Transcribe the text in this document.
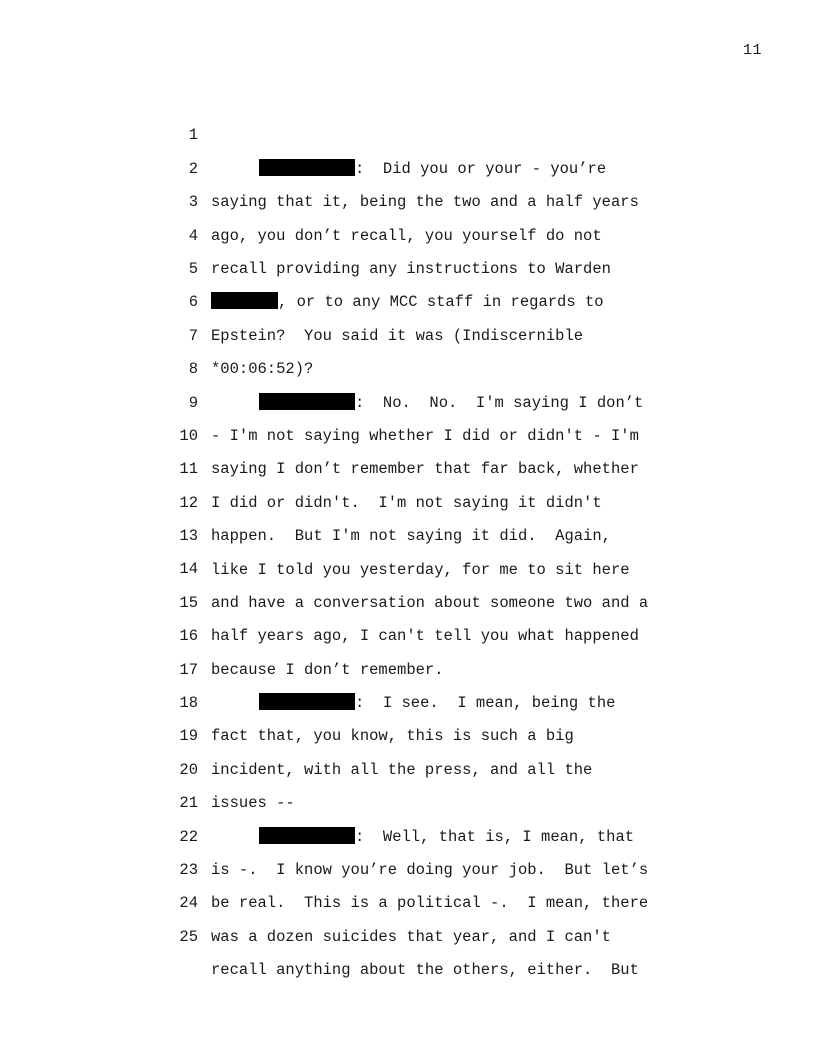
11

1

:  Did you or your - you’re

2

saying that it, being the two and a half years

3

ago, you don’t recall, you yourself do not

4

recall providing any instructions to Warden

5

, or to any MCC staff in regards to

6

Epstein?  You said it was (Indiscernible

7

*00:06:52)?

8

:  No.  No.  I'm saying I don’t

9

- I'm not saying whether I did or didn't - I'm

10

saying I don’t remember that far back, whether

11

I did or didn't.  I'm not saying it didn't

12

happen.  But I'm not saying it did.  Again,

13

like I told you yesterday, for me to sit here

14

and have a conversation about someone two and a

15

half years ago, I can't tell you what happened

16

because I don’t remember.

17

:  I see.  I mean, being the

18

fact that, you know, this is such a big

19

incident, with all the press, and all the

20

issues --

21

:  Well, that is, I mean, that

22

is -.  I know you’re doing your job.  But let’s

23

be real.  This is a political -.  I mean, there

24

was a dozen suicides that year, and I can't

25

recall anything about the others, either.  But
